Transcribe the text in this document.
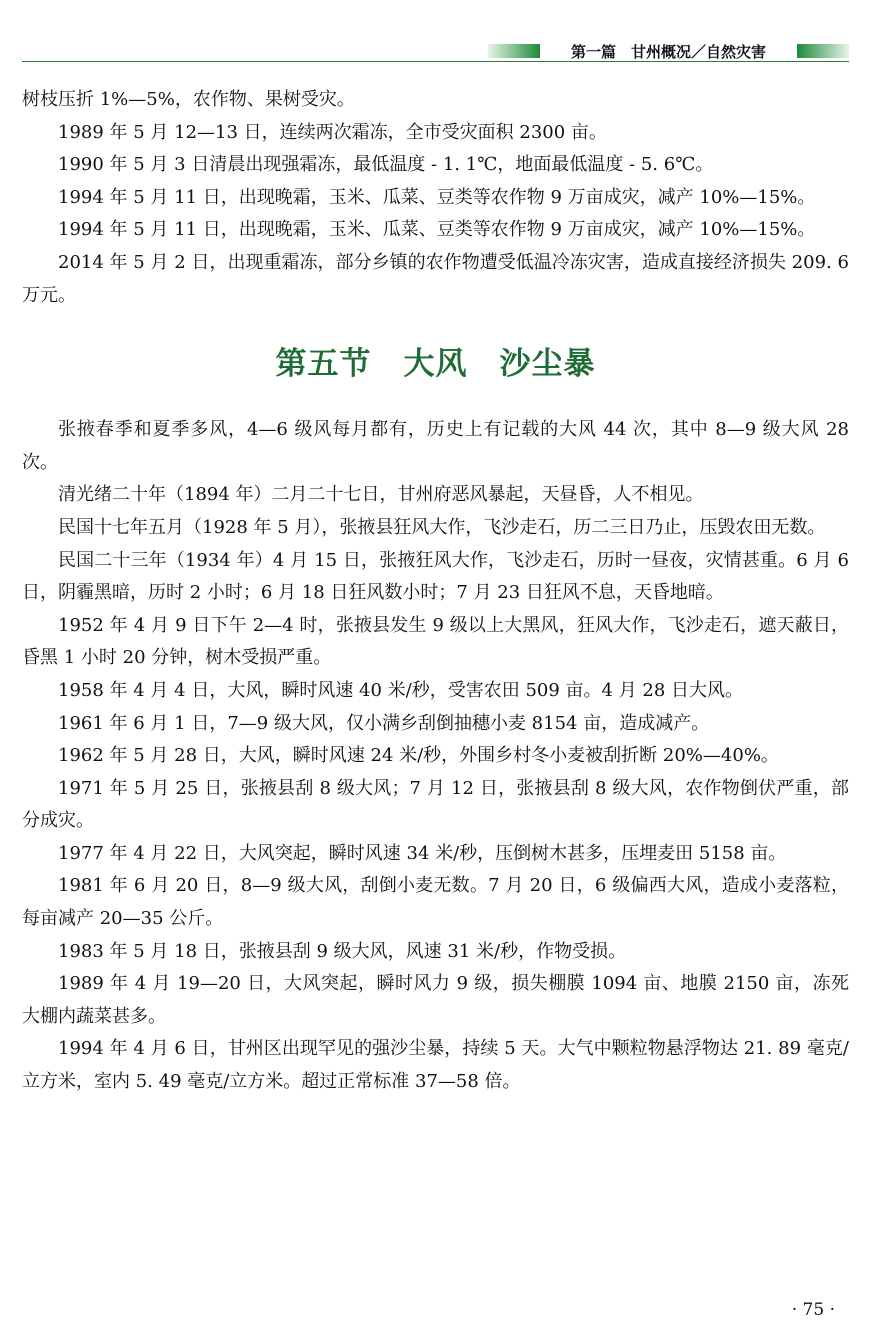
第一篇　甘州概况／自然灾害

树枝压折 1%—5%，农作物、果树受灾。

1989 年 5 月 12—13 日，连续两次霜冻，全市受灾面积 2300 亩。

1990 年 5 月 3 日清晨出现强霜冻，最低温度 - 1. 1℃，地面最低温度 - 5. 6℃。

1994 年 5 月 11 日，出现晚霜，玉米、瓜菜、豆类等农作物 9 万亩成灾，减产 10%—15%。

1994 年 5 月 11 日，出现晚霜，玉米、瓜菜、豆类等农作物 9 万亩成灾，减产 10%—15%。

2014 年 5 月 2 日，出现重霜冻，部分乡镇的农作物遭受低温冷冻灾害，造成直接经济损失 209. 6 万元。

第五节　大风　沙尘暴

张掖春季和夏季多风，4—6 级风每月都有，历史上有记载的大风 44 次，其中 8—9 级大风 28 次。

清光绪二十年（1894 年）二月二十七日，甘州府恶风暴起，天昼昏，人不相见。

民国十七年五月（1928 年 5 月），张掖县狂风大作，飞沙走石，历二三日乃止，压毁农田无数。

民国二十三年（1934 年）4 月 15 日，张掖狂风大作，飞沙走石，历时一昼夜，灾情甚重。6 月 6 日，阴霾黑暗，历时 2 小时；6 月 18 日狂风数小时；7 月 23 日狂风不息，天昏地暗。

1952 年 4 月 9 日下午 2—4 时，张掖县发生 9 级以上大黑风，狂风大作，飞沙走石，遮天蔽日，昏黑 1 小时 20 分钟，树木受损严重。

1958 年 4 月 4 日，大风，瞬时风速 40 米/秒，受害农田 509 亩。4 月 28 日大风。

1961 年 6 月 1 日，7—9 级大风，仅小满乡刮倒抽穗小麦 8154 亩，造成减产。

1962 年 5 月 28 日，大风，瞬时风速 24 米/秒，外围乡村冬小麦被刮折断 20%—40%。

1971 年 5 月 25 日，张掖县刮 8 级大风；7 月 12 日，张掖县刮 8 级大风，农作物倒伏严重，部分成灾。

1977 年 4 月 22 日，大风突起，瞬时风速 34 米/秒，压倒树木甚多，压埋麦田 5158 亩。

1981 年 6 月 20 日，8—9 级大风，刮倒小麦无数。7 月 20 日，6 级偏西大风，造成小麦落粒，每亩减产 20—35 公斤。

1983 年 5 月 18 日，张掖县刮 9 级大风，风速 31 米/秒，作物受损。

1989 年 4 月 19—20 日，大风突起，瞬时风力 9 级，损失棚膜 1094 亩、地膜 2150 亩，冻死大棚内蔬菜甚多。

1994 年 4 月 6 日，甘州区出现罕见的强沙尘暴，持续 5 天。大气中颗粒物悬浮物达 21. 89 毫克/立方米，室内 5. 49 毫克/立方米。超过正常标准 37—58 倍。

· 75 ·
